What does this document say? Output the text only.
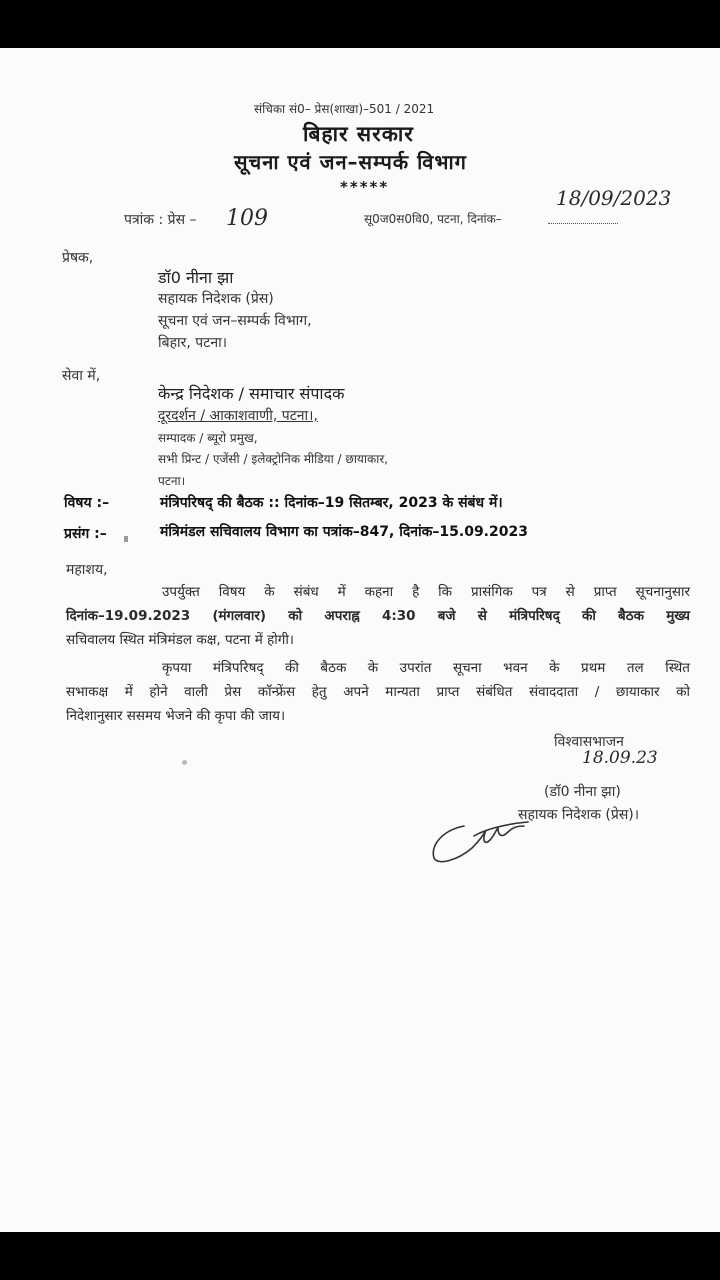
संचिका सं0– प्रेस(शाखा)–501 / 2021
बिहार सरकार
सूचना एवं जन–सम्पर्क विभाग
*****
पत्रांक : प्रेस – 109	सू0ज0स0वि0, पटना, दिनांक–
18/09/2023
प्रेषक,
डॉ0 नीना झा
सहायक निदेशक (प्रेस)
सूचना एवं जन–सम्पर्क विभाग,
बिहार, पटना।
सेवा में,
केन्द्र निदेशक / समाचार संपादक
दूरदर्शन / आकाशवाणी, पटना।,
सम्पादक / ब्यूरो प्रमुख,
सभी प्रिन्ट / एजेंसी / इलेक्ट्रोनिक मीडिया / छायाकार,
पटना।
विषय :–	मंत्रिपरिषद् की बैठक :: दिनांक–19 सितम्बर, 2023 के संबंध में।
प्रसंग :–	मंत्रिमंडल सचिवालय विभाग का पत्रांक–847, दिनांक–15.09.2023
महाशय,
उपर्युक्त विषय के संबंध में कहना है कि प्रासंगिक पत्र से प्राप्त सूचनानुसार
दिनांक–19.09.2023 (मंगलवार) को अपराह्न 4:30 बजे से मंत्रिपरिषद् की बैठक मुख्य
सचिवालय स्थित मंत्रिमंडल कक्ष, पटना में होगी।
कृपया मंत्रिपरिषद् की बैठक के उपरांत सूचना भवन के प्रथम तल स्थित
सभाकक्ष में होने वाली प्रेस कॉन्फ्रेंस हेतु अपने मान्यता प्राप्त संबंधित संवाददाता / छायाकार को
निदेशानुसार ससमय भेजने की कृपा की जाय।
विश्वासभाजन
18.09.23
(डॉ0 नीना झा)
सहायक निदेशक (प्रेस)।
